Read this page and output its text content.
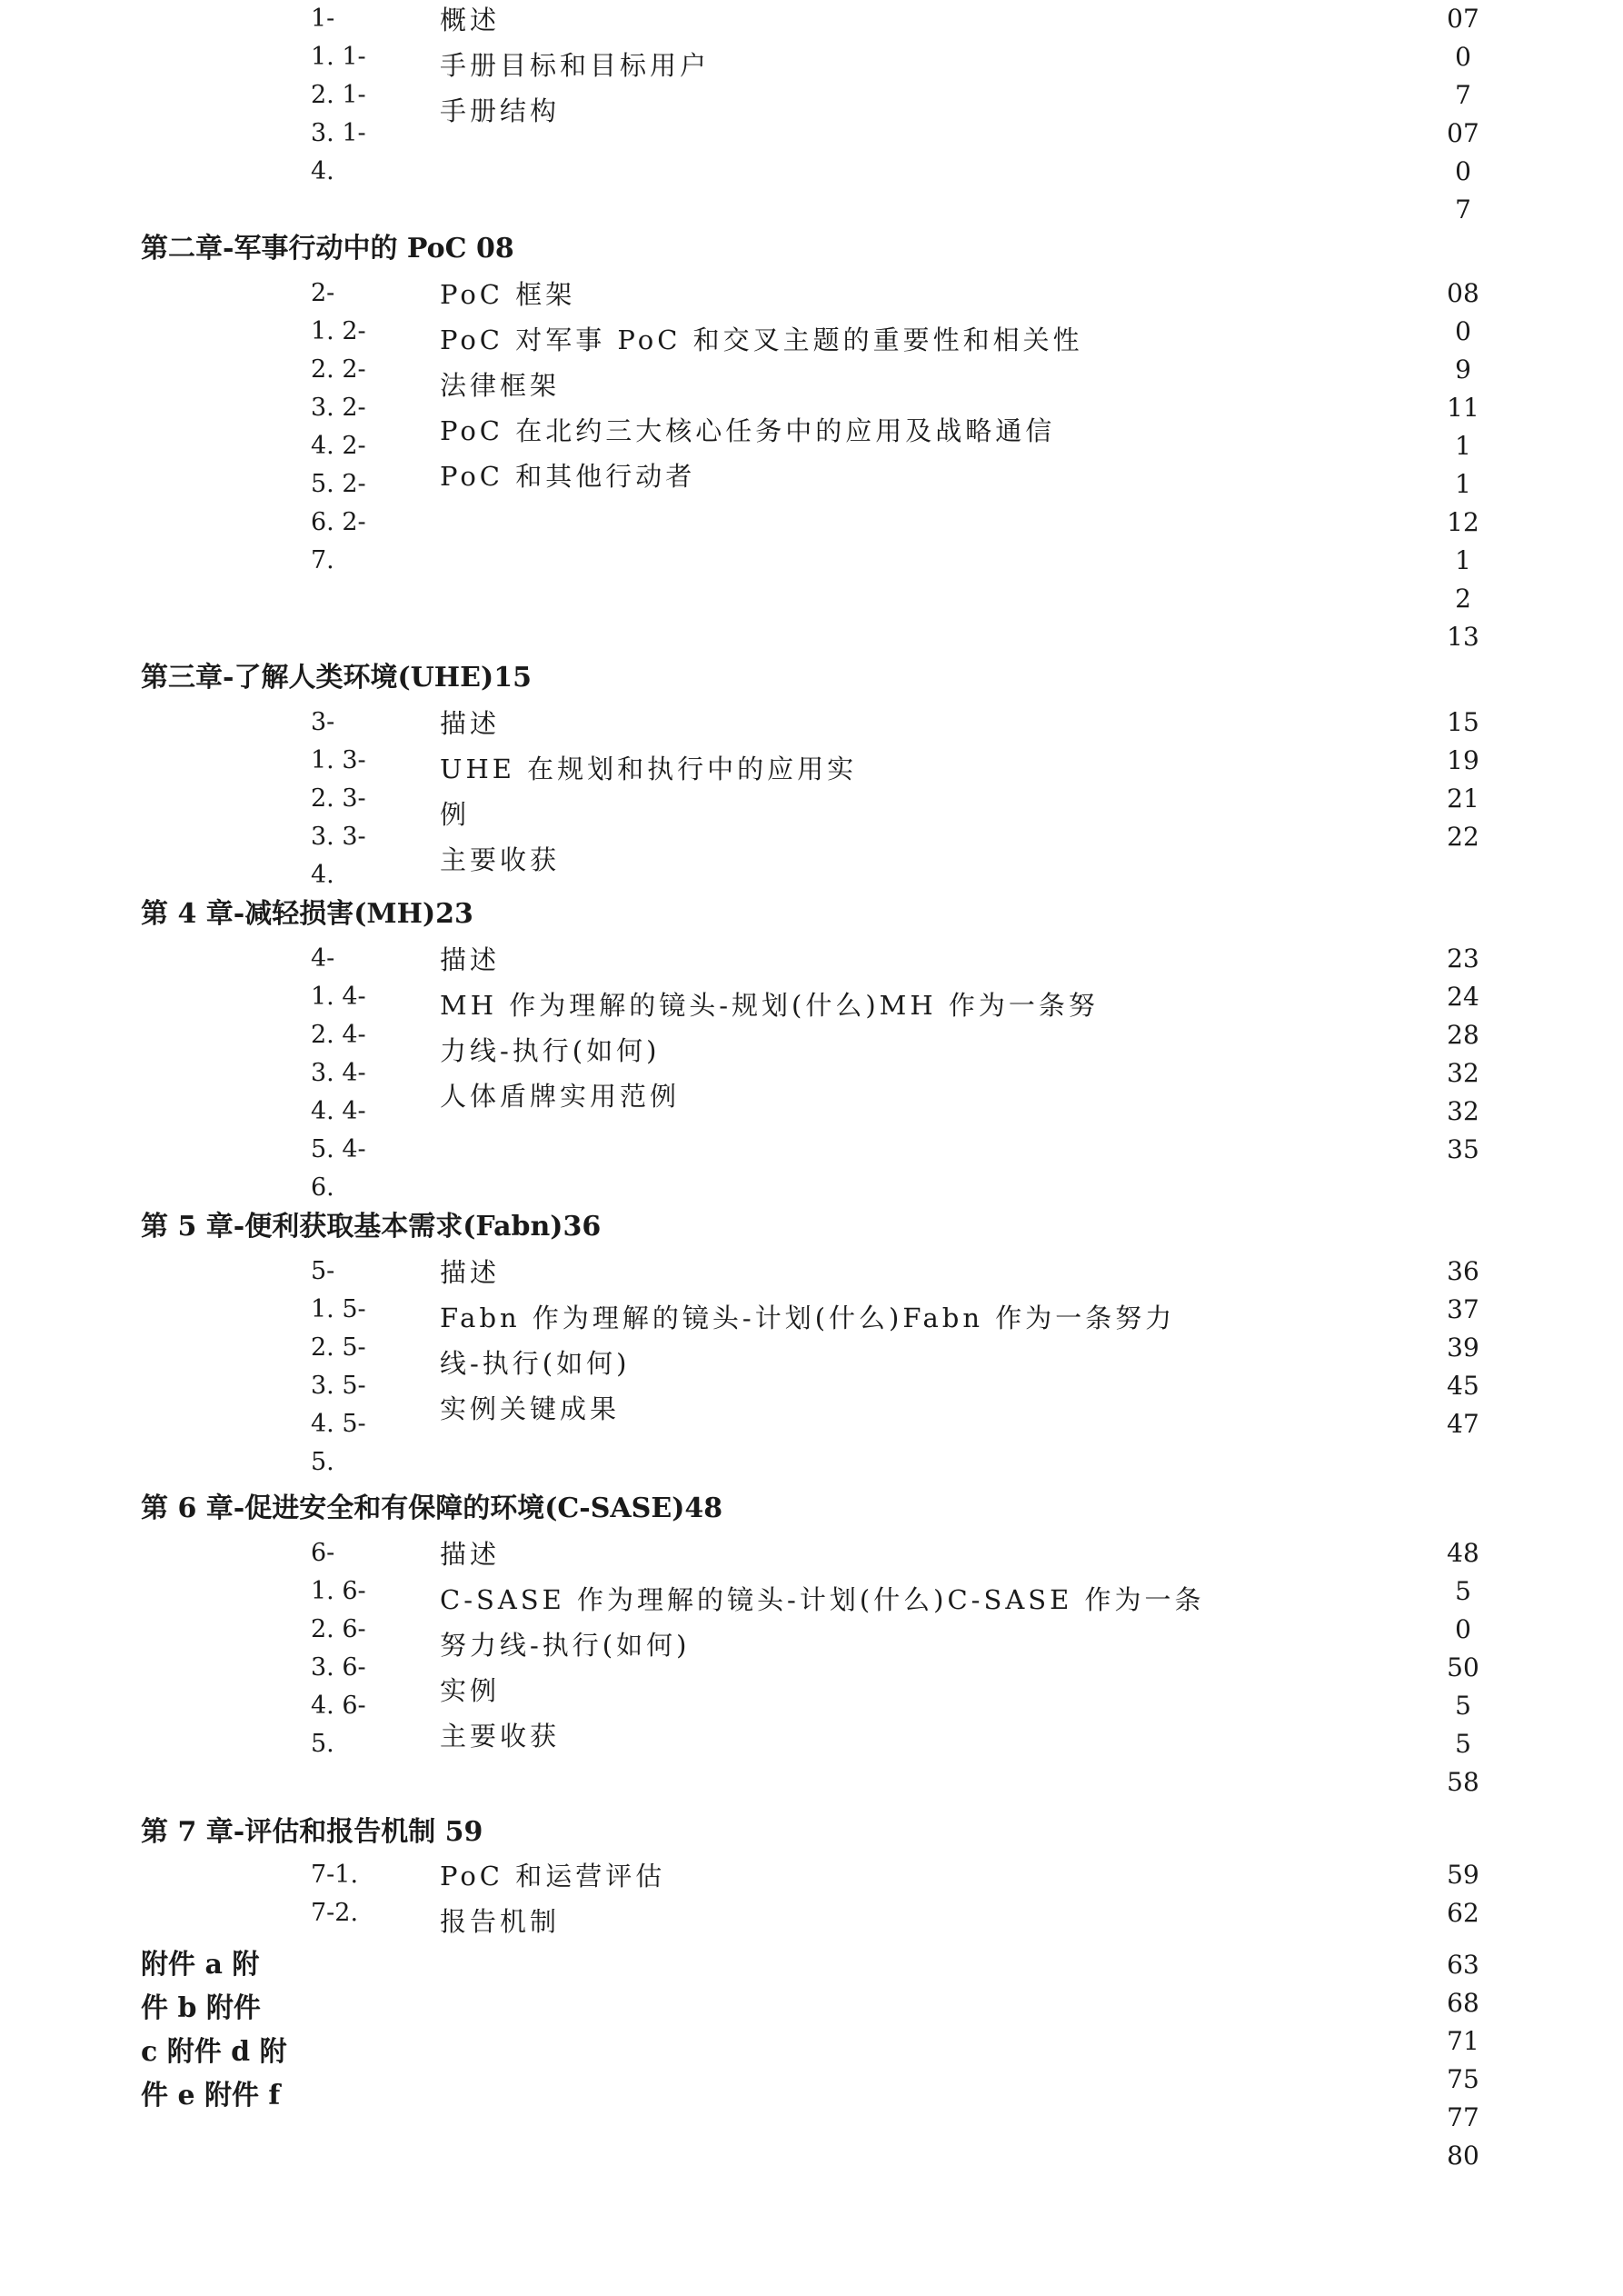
1-
1. 1-
2. 1-
3. 1-
4.
概述
手册目标和目标用户
手册结构
07
0
7
07
0
7
第二章-军事行动中的 PoC 08
2-
1. 2-
2. 2-
3. 2-
4. 2-
5. 2-
6. 2-
7.
PoC 框架
PoC 对军事 PoC 和交叉主题的重要性和相关性
法律框架
PoC 在北约三大核心任务中的应用及战略通信
PoC 和其他行动者
08
0
9
11
1
1
12
1
2
13
第三章-了解人类环境(UHE)15
3-
1. 3-
2. 3-
3. 3-
4.
描述
UHE 在规划和执行中的应用实
例
主要收获
15
19
21
22
第 4 章-减轻损害(MH)23
4-
1. 4-
2. 4-
3. 4-
4. 4-
5. 4-
6.
描述
MH 作为理解的镜头-规划(什么)MH 作为一条努
力线-执行(如何)
人体盾牌实用范例
23
24
28
32
32
35
第 5 章-便利获取基本需求(Fabn)36
5-
1. 5-
2. 5-
3. 5-
4. 5-
5.
描述
Fabn 作为理解的镜头-计划(什么)Fabn 作为一条努力
线-执行(如何)
实例关键成果
36
37
39
45
47
第 6 章-促进安全和有保障的环境(C-SASE)48
6-
1. 6-
2. 6-
3. 6-
4. 6-
5.
描述
C-SASE 作为理解的镜头-计划(什么)C-SASE 作为一条
努力线-执行(如何)
实例
主要收获
48
5
0
50
5
5
58
第 7 章-评估和报告机制 59
7-1.
7-2.
PoC 和运营评估
报告机制
59
62
附件 a 附
件 b 附件
c 附件 d 附
件 e 附件 f
63
68
71
75
77
80
